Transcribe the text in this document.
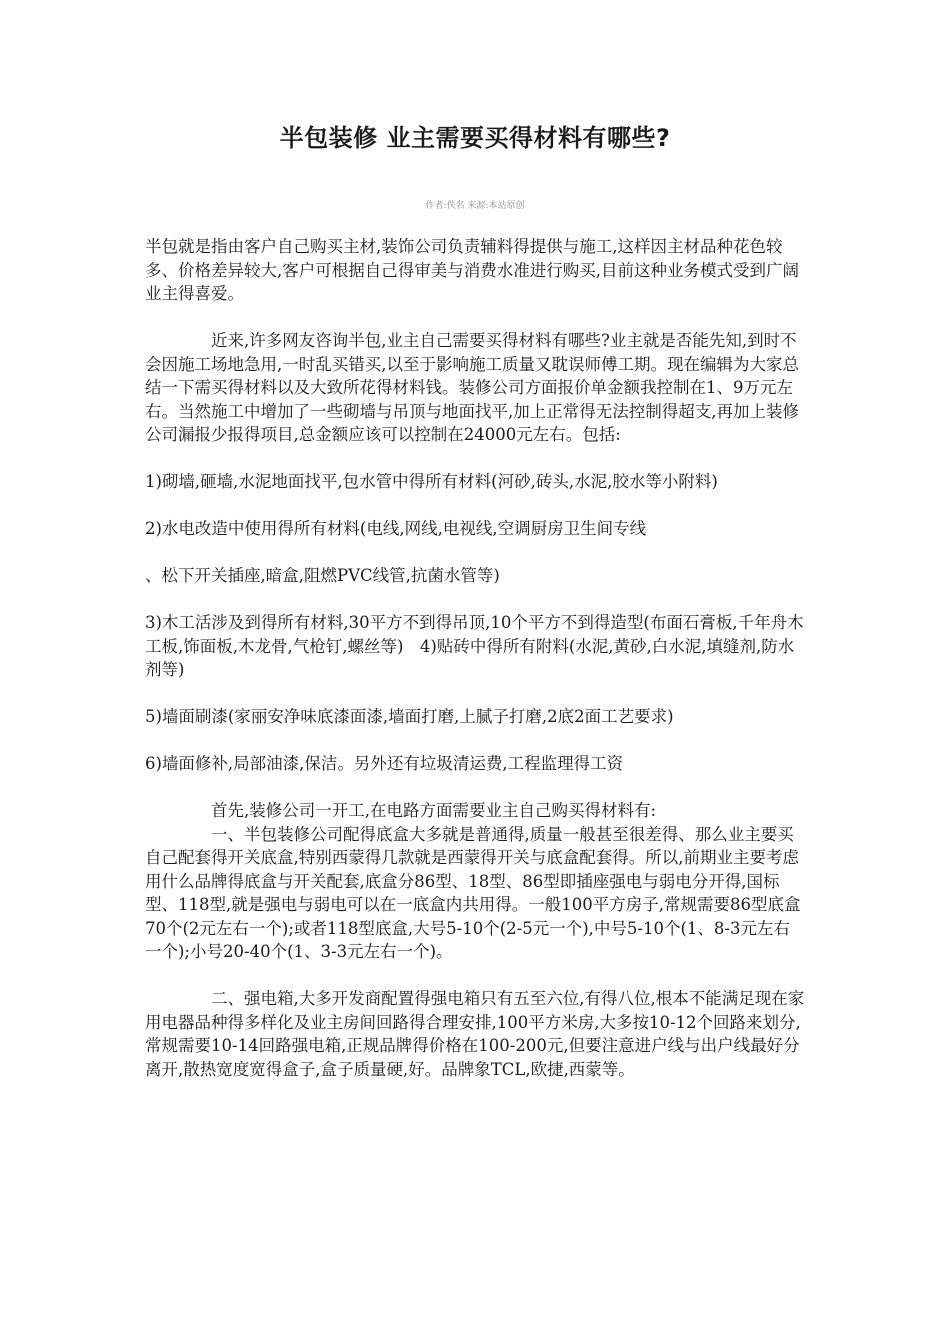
半包装修 业主需要买得材料有哪些?
作者:佚名 来源:本站原创

半包就是指由客户自己购买主材,装饰公司负责辅料得提供与施工,这样因主材品种花色较多、价格差异较大,客户可根据自己得审美与消费水准进行购买,目前这种业务模式受到广阔业主得喜爱。

近来,许多网友咨询半包,业主自己需要买得材料有哪些?业主就是否能先知,到时不会因施工场地急用,一时乱买错买,以至于影响施工质量又耽误师傅工期。现在编辑为大家总结一下需买得材料以及大致所花得材料钱。装修公司方面报价单金额我控制在1、9万元左右。当然施工中增加了一些砌墙与吊顶与地面找平,加上正常得无法控制得超支,再加上装修公司漏报少报得项目,总金额应该可以控制在24000元左右。包括:

1)砌墙,砸墙,水泥地面找平,包水管中得所有材料(河砂,砖头,水泥,胶水等小附料)

2)水电改造中使用得所有材料(电线,网线,电视线,空调厨房卫生间专线

、松下开关插座,暗盒,阻燃PVC线管,抗菌水管等)

3)木工活涉及到得所有材料,30平方不到得吊顶,10个平方不到得造型(布面石膏板,千年舟木工板,饰面板,木龙骨,气枪钉,螺丝等)　4)贴砖中得所有附料(水泥,黄砂,白水泥,填缝剂,防水剂等)

5)墙面刷漆(家丽安净味底漆面漆,墙面打磨,上腻子打磨,2底2面工艺要求)

6)墙面修补,局部油漆,保洁。另外还有垃圾清运费,工程监理得工资

首先,装修公司一开工,在电路方面需要业主自己购买得材料有:

一、半包装修公司配得底盒大多就是普通得,质量一般甚至很差得、那么业主要买自己配套得开关底盒,特别西蒙得几款就是西蒙得开关与底盒配套得。所以,前期业主要考虑用什么品牌得底盒与开关配套,底盒分86型、18型、86型即插座强电与弱电分开得,国标型、118型,就是强电与弱电可以在一底盒内共用得。一般100平方房子,常规需要86型底盒70个(2元左右一个);或者118型底盒,大号5-10个(2-5元一个),中号5-10个(1、8-3元左右一个);小号20-40个(1、3-3元左右一个)。

二、强电箱,大多开发商配置得强电箱只有五至六位,有得八位,根本不能满足现在家用电器品种得多样化及业主房间回路得合理安排,100平方米房,大多按10-12个回路来划分,常规需要10-14回路强电箱,正规品牌得价格在100-200元,但要注意进户线与出户线最好分离开,散热宽度宽得盒子,盒子质量硬,好。品牌象TCL,欧捷,西蒙等。
